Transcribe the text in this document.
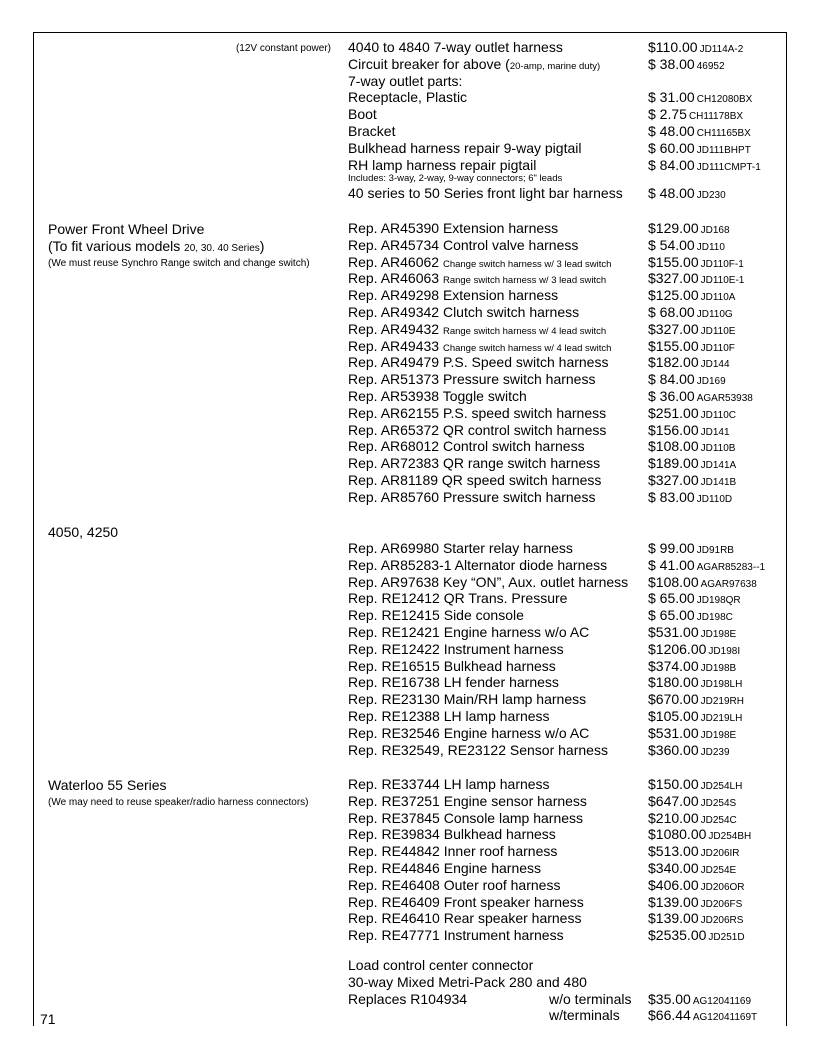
(12V constant power) 4040 to 4840 7-way outlet harness	$110.00 JD114A-2
Circuit breaker for above (20-amp, marine duty)	$ 38.00 46952
7-way outlet parts:
Receptacle, Plastic	$ 31.00 CH12080BX
Boot	$ 2.75 CH11178BX
Bracket	$ 48.00 CH11165BX
Bulkhead harness repair 9-way pigtail	$ 60.00 JD111BHPT
RH lamp harness repair pigtail	$ 84.00 JD111CMPT-1
Includes: 3-way, 2-way, 9-way connectors; 6" leads
40 series to 50 Series front light bar harness $ 48.00 JD230
Power Front Wheel Drive
(To fit various models 20, 30. 40 Series)
(We must reuse Synchro Range switch and change switch)
Rep. AR45390 Extension harness	$129.00 JD168
Rep. AR45734 Control valve harness	$ 54.00 JD110
Rep. AR46062 Change switch harness w/ 3 lead switch	$155.00 JD110F-1
Rep. AR46063 Range switch harness w/ 3 lead switch	$327.00 JD110E-1
Rep. AR49298 Extension harness	$125.00 JD110A
Rep. AR49342 Clutch switch harness	$ 68.00 JD110G
Rep. AR49432 Range switch harness w/ 4 lead switch	$327.00 JD110E
Rep. AR49433 Change switch harness w/ 4 lead switch	$155.00 JD110F
Rep. AR49479 P.S. Speed switch harness	$182.00 JD144
Rep. AR51373 Pressure switch harness	$ 84.00 JD169
Rep. AR53938 Toggle switch	$ 36.00 AGAR53938
Rep. AR62155 P.S. speed switch harness	$251.00 JD110C
Rep. AR65372 QR control switch harness	$156.00 JD141
Rep. AR68012 Control switch harness	$108.00 JD110B
Rep. AR72383 QR range switch harness	$189.00 JD141A
Rep. AR81189 QR speed switch harness	$327.00 JD141B
Rep. AR85760 Pressure switch harness	$ 83.00 JD110D
4050, 4250
Rep. AR69980 Starter relay harness	$ 99.00 JD91RB
Rep. AR85283-1 Alternator diode harness	$ 41.00 AGAR85283--1
Rep. AR97638 Key “ON”, Aux. outlet harness $108.00 AGAR97638
Rep. RE12412 QR Trans. Pressure	$ 65.00 JD198QR
Rep. RE12415 Side console	$ 65.00 JD198C
Rep. RE12421 Engine harness w/o AC	$531.00 JD198E
Rep. RE12422 Instrument harness	$1206.00 JD198I
Rep. RE16515 Bulkhead harness	$374.00 JD198B
Rep. RE16738 LH fender harness	$180.00 JD198LH
Rep. RE23130 Main/RH lamp harness	$670.00 JD219RH
Rep. RE12388 LH lamp harness	$105.00 JD219LH
Rep. RE32546 Engine harness w/o AC	$531.00 JD198E
Rep. RE32549, RE23122 Sensor harness	$360.00 JD239
Waterloo 55 Series
(We may need to reuse speaker/radio harness connectors)
Rep. RE33744 LH lamp harness	$150.00 JD254LH
Rep. RE37251 Engine sensor harness	$647.00 JD254S
Rep. RE37845 Console lamp harness	$210.00 JD254C
Rep. RE39834 Bulkhead harness	$1080.00 JD254BH
Rep. RE44842 Inner roof harness	$513.00 JD206IR
Rep. RE44846 Engine harness	$340.00 JD254E
Rep. RE46408 Outer roof harness	$406.00 JD206OR
Rep. RE46409 Front speaker harness	$139.00 JD206FS
Rep. RE46410 Rear speaker harness	$139.00 JD206RS
Rep. RE47771 Instrument harness	$2535.00 JD251D
Load control center connector
30-way Mixed Metri-Pack 280 and 480
Replaces R104934	w/o terminals $35.00 AG12041169
w/terminals $66.44 AG12041169T
71
